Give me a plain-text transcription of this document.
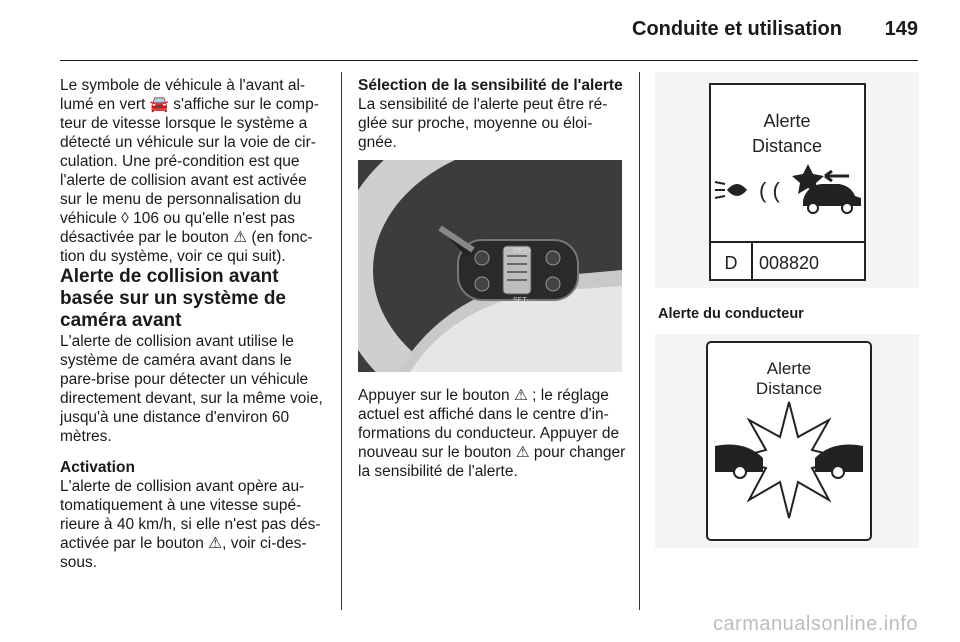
Conduite et utilisation 149

Le symbole de véhicule à l'avant al- lumé en vert 🚘 s'affiche sur le comp- teur de vitesse lorsque le système a détecté un véhicule sur la voie de cir- culation. Une pré-condition est que l'alerte de collision avant est activée sur le menu de personnalisation du véhicule ◊ 106 ou qu'elle n'est pas désactivée par le bouton ⚠ (en fonc- tion du système, voir ce qui suit).

Alerte de collision avant basée sur un système de caméra avant

L'alerte de collision avant utilise le système de caméra avant dans le pare-brise pour détecter un véhicule directement devant, sur la même voie, jusqu'à une distance d'environ 60 mètres.

Activation

L'alerte de collision avant opère au- tomatiquement à une vitesse supé- rieure à 40 km/h, si elle n'est pas dés- activée par le bouton ⚠, voir ci-des- sous.

Sélection de la sensibilité de l'alerte

La sensibilité de l'alerte peut être ré- glée sur proche, moyenne ou éloi- gnée.

RES+
SET-

Appuyer sur le bouton ⚠ ; le réglage actuel est affiché dans le centre d'in- formations du conducteur. Appuyer de nouveau sur le bouton ⚠ pour changer la sensibilité de l'alerte.

Alerte
Distance
( (
D 008820
Alerte du conducteur
Alerte
Distance
carmanualsonline.info
